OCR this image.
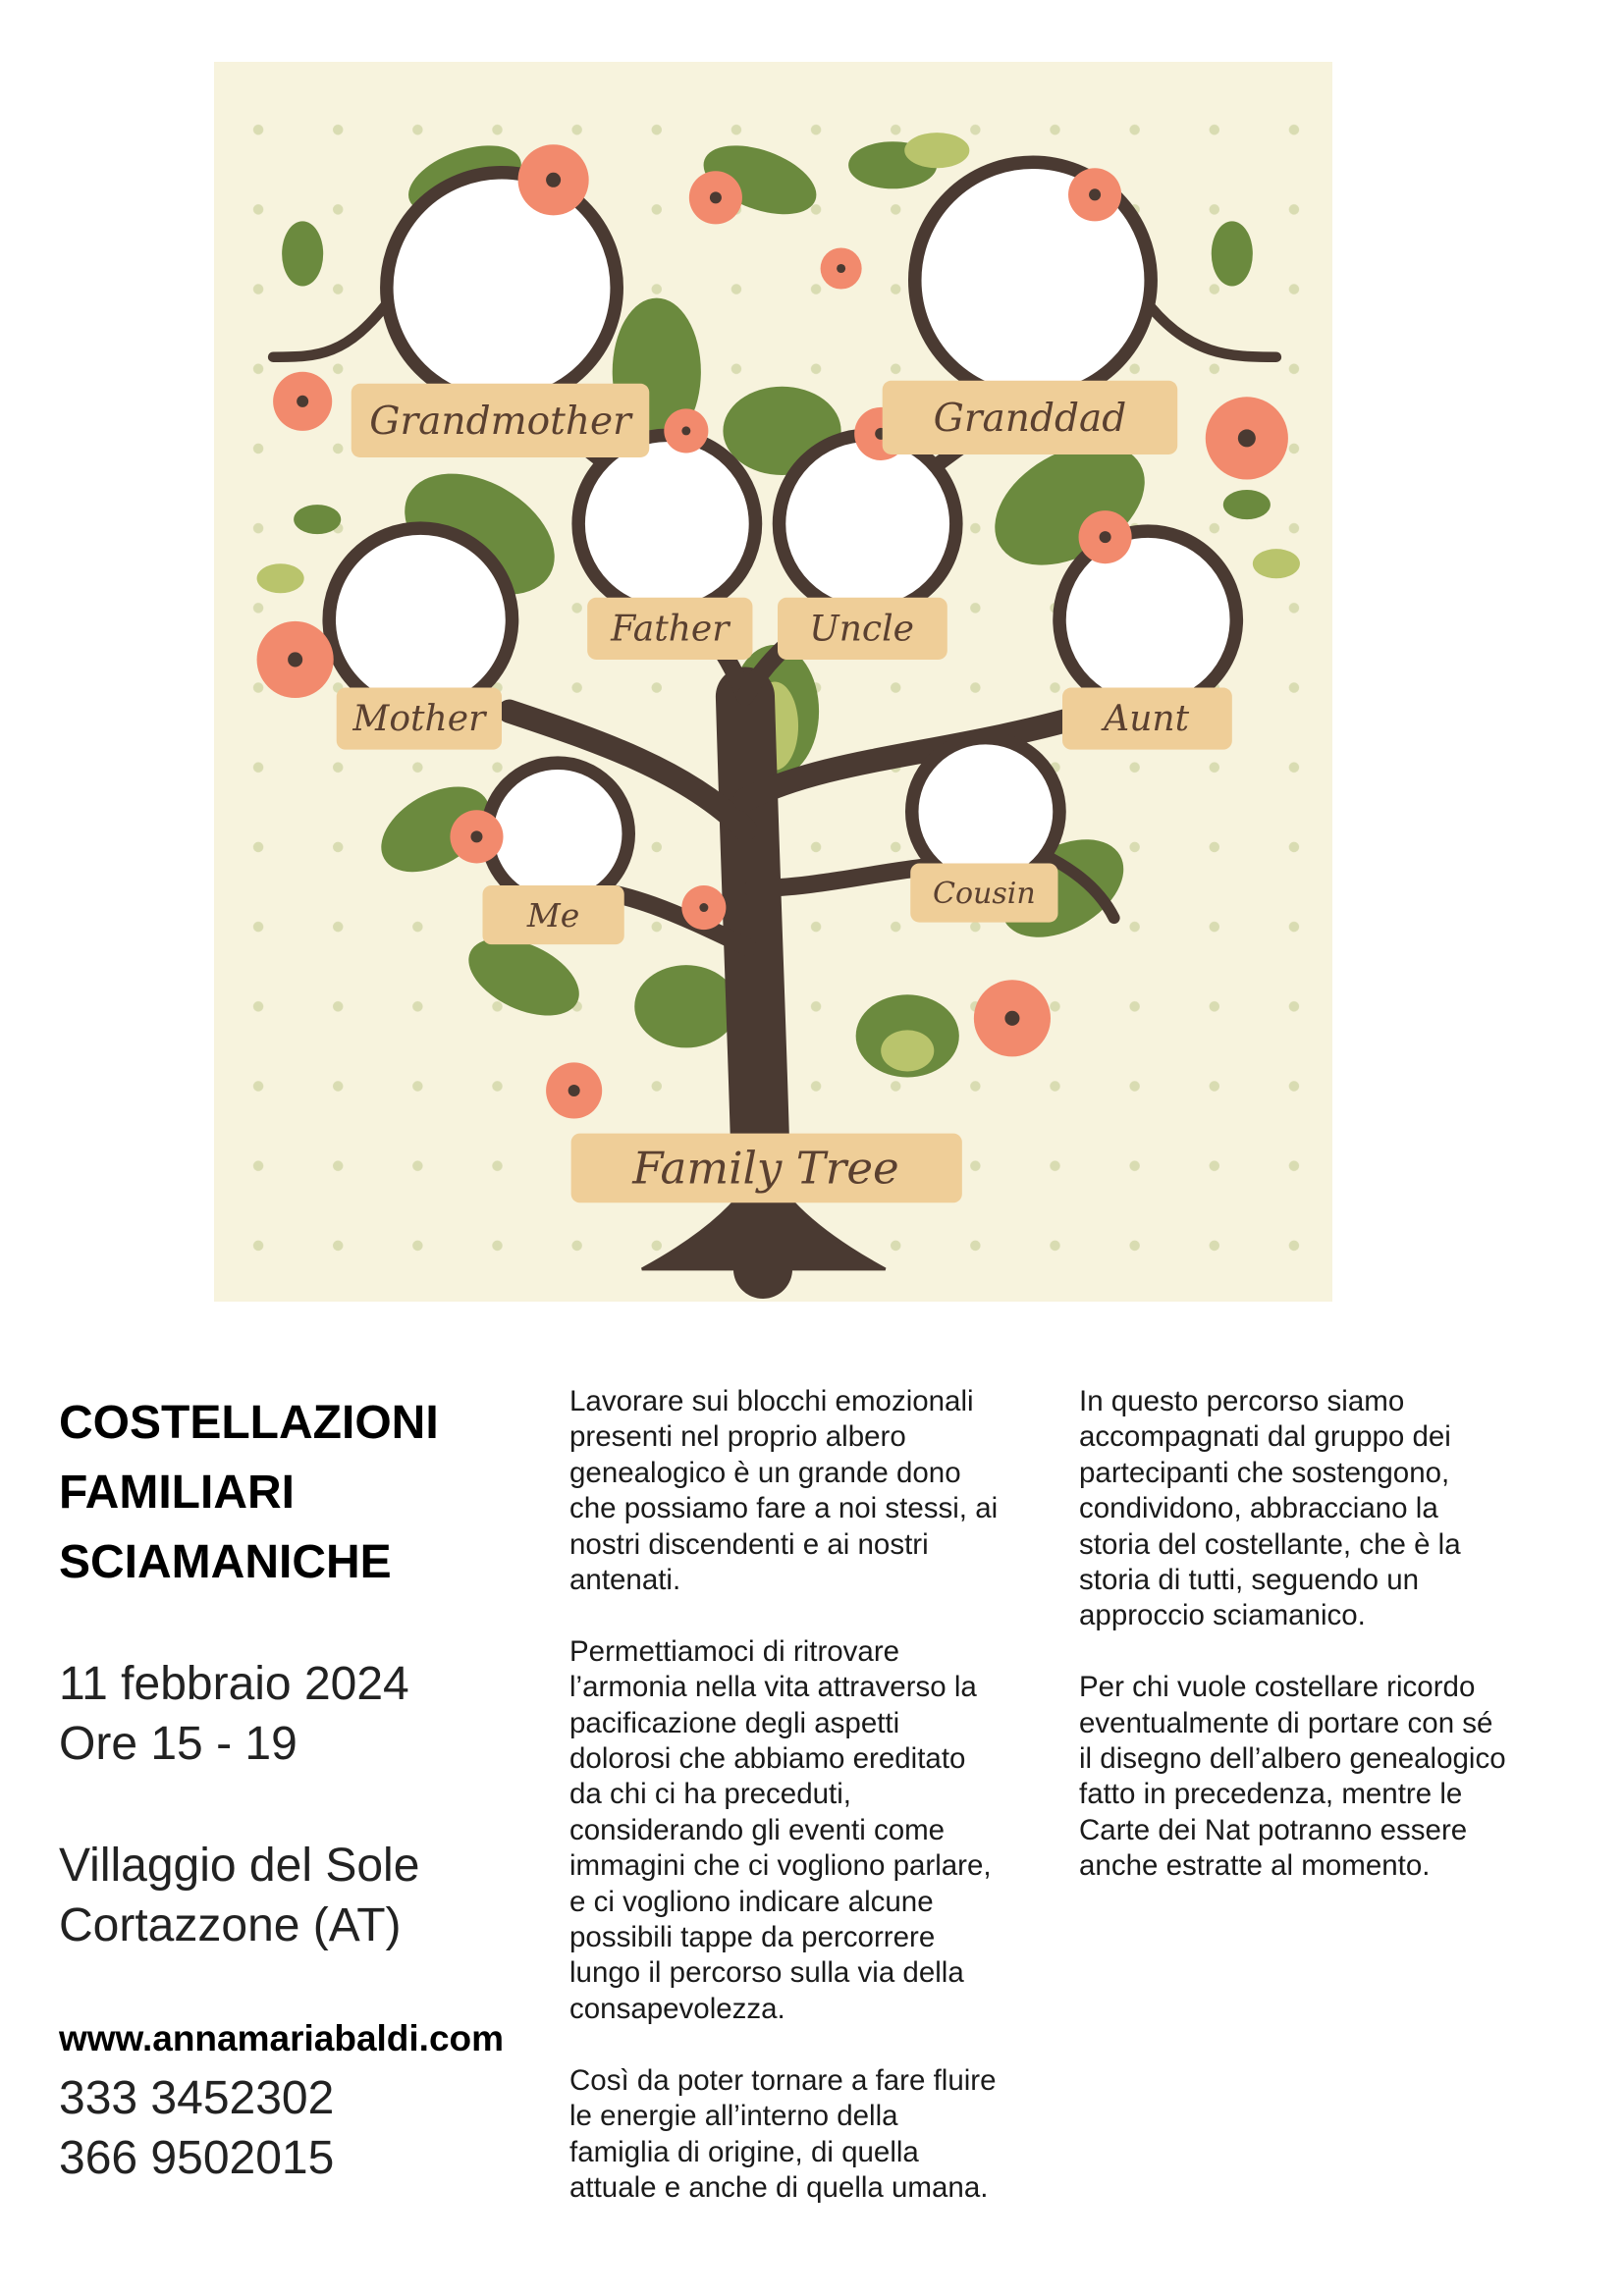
Grandmother	Granddad
Father	Uncle
Mother	Aunt
Me
Cousin
Family Tree
COSTELLAZIONI
FAMILIARI
SCIAMANICHE
11 febbraio 2024
Ore 15 - 19
Villaggio del Sole
Cortazzone (AT)
www.annamariabaldi.com
333 3452302
366 9502015

Lavorare sui blocchi emozionali
presenti nel proprio albero
genealogico è un grande dono
che possiamo fare a noi stessi, ai
nostri discendenti e ai nostri
antenati.

Permettiamoci di ritrovare
l’armonia nella vita attraverso la
pacificazione degli aspetti
dolorosi che abbiamo ereditato
da chi ci ha preceduti,
considerando gli eventi come
immagini che ci vogliono parlare,
e ci vogliono indicare alcune
possibili tappe da percorrere
lungo il percorso sulla via della
consapevolezza.

Così da poter tornare a fare fluire
le energie all’interno della
famiglia di origine, di quella
attuale e anche di quella umana.

In questo percorso siamo
accompagnati dal gruppo dei
partecipanti che sostengono,
condividono, abbracciano la
storia del costellante, che è la
storia di tutti, seguendo un
approccio sciamanico.

Per chi vuole costellare ricordo
eventualmente di portare con sé
il disegno dell’albero genealogico
fatto in precedenza, mentre le
Carte dei Nat potranno essere
anche estratte al momento.
